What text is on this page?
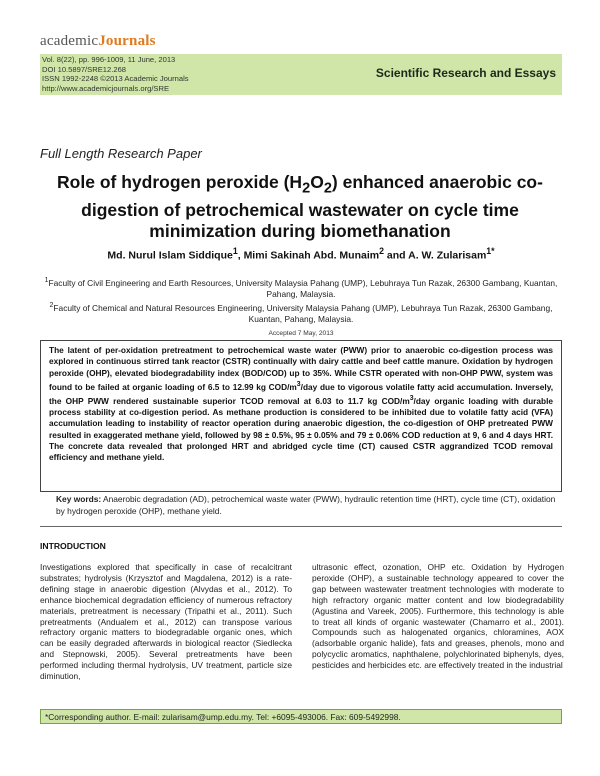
academicJournals
Vol. 8(22), pp. 996-1009, 11 June, 2013
DOI 10.5897/SRE12.268
ISSN 1992-2248 ©2013 Academic Journals
http://www.academicjournals.org/SRE
Scientific Research and Essays
Full Length Research Paper
Role of hydrogen peroxide $(H_2O_2)$ enhanced anaerobic co-digestion of petrochemical wastewater on cycle time minimization during biomethanation
Md. Nurul Islam Siddique$^1$, Mimi Sakinah Abd. Munaim$^2$ and A. W. Zularisam$^{1*}$
$^1$Faculty of Civil Engineering and Earth Resources, University Malaysia Pahang (UMP), Lebuhraya Tun Razak, 26300 Gambang, Kuantan, Pahang, Malaysia.
$^2$Faculty of Chemical and Natural Resources Engineering, University Malaysia Pahang (UMP), Lebuhraya Tun Razak, 26300 Gambang, Kuantan, Pahang, Malaysia.
Accepted 7 May, 2013
The latent of per-oxidation pretreatment to petrochemical waste water (PWW) prior to anaerobic co-digestion process was explored in continuous stirred tank reactor (CSTR) continually with dairy cattle and beef cattle manure. Oxidation by hydrogen peroxide (OHP), elevated biodegradability index (BOD/COD) up to 35%. While CSTR operated with non-OHP PWW, system was found to be failed at organic loading of 6.5 to 12.99 kg COD/$m^3$/day due to vigorous volatile fatty acid accumulation. Inversely, the OHP PWW rendered sustainable superior TCOD removal at 6.03 to 11.7 kg COD/$m^3$/day organic loading with durable process stability at co-digestion period. As methane production is considered to be inhibited due to volatile fatty acid (VFA) accumulation leading to instability of reactor operation during anaerobic digestion, the co-digestion of OHP pretreated PWW resulted in exaggerated methane yield, followed by 98 ± 0.5%, 95 ± 0.05% and 79 ± 0.06% COD reduction at 9, 6 and 4 days HRT. The concrete data revealed that prolonged HRT and abridged cycle time (CT) caused CSTR aggrandized TCOD removal efficiency and methane yield.
Key words: Anaerobic degradation (AD), petrochemical waste water (PWW), hydraulic retention time (HRT), cycle time (CT), oxidation by hydrogen peroxide (OHP), methane yield.
INTRODUCTION
Investigations explored that specifically in case of recalcitrant substrates; hydrolysis (Krzysztof and Magdalena, 2012) is a rate-defining stage in anaerobic digestion (Alvydas et al., 2012). To enhance biochemical degradation efficiency of numerous refractory materials, pretreatment is necessary (Tripathi et al., 2011). Such pretreatments (Andualem et al., 2012) can transpose various refractory organic matters to biodegradable organic ones, which can be easily degraded afterwards in biological reactor (Siedlecka and Stepnowski, 2005). Several pretreatments have been performed including thermal hydrolysis, UV treatment, particle size diminution,
ultrasonic effect, ozonation, OHP etc. Oxidation by Hydrogen peroxide (OHP), a sustainable technology appeared to cover the gap between wastewater treatment technologies with moderate to high refractory organic matter content and low biodegradability (Agustina and Vareek, 2005). Furthermore, this technology is able to treat all kinds of organic wastewater (Chamarro et al., 2001). Compounds such as halogenated organics, chloramines, AOX (adsorbable organic halide), fats and greases, phenols, mono and polycyclic aromatics, naphthalene, polychlorinated biphenyls, dyes, pesticides and herbicides etc. are effectively treated in the industrial
*Corresponding author. E-mail: zularisam@ump.edu.my. Tel: +6095-493006. Fax: 609-5492998.
